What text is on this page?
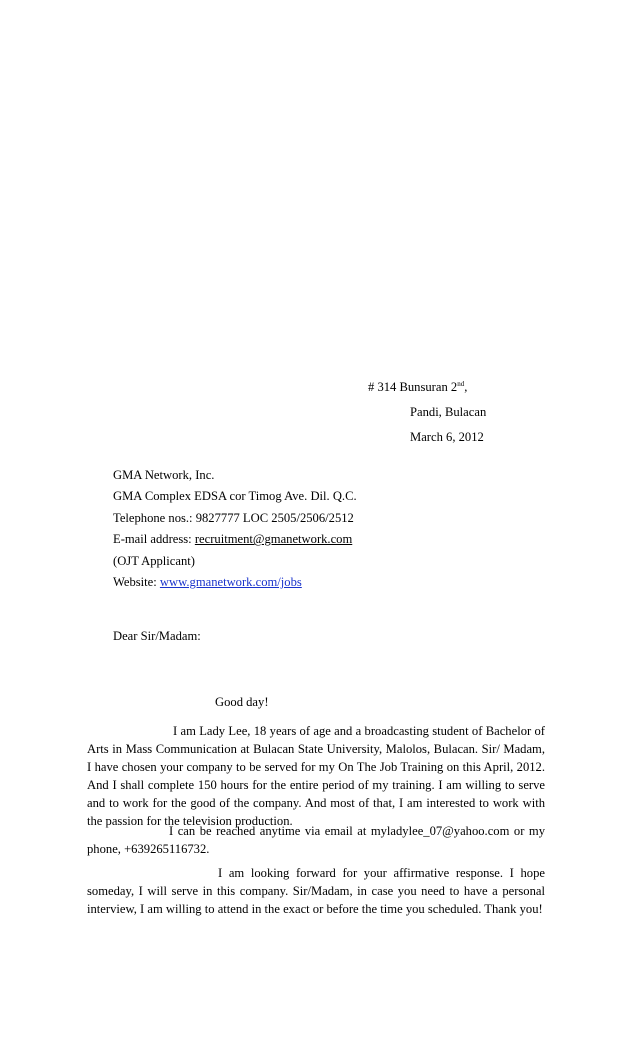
# 314 Bunsuran 2nd,
Pandi, Bulacan
March 6, 2012
GMA Network, Inc.
GMA Complex EDSA cor Timog Ave. Dil. Q.C.
Telephone nos.: 9827777 LOC 2505/2506/2512
E-mail address: recruitment@gmanetwork.com
(OJT Applicant)
Website: www.gmanetwork.com/jobs
Dear Sir/Madam:
Good day!

I am Lady Lee, 18 years of age and a broadcasting student of Bachelor of Arts in Mass Communication at Bulacan State University, Malolos, Bulacan. Sir/ Madam, I have chosen your company to be served for my On The Job Training on this April, 2012. And I shall complete 150 hours for the entire period of my training. I am willing to serve and to work for the good of the company. And most of that, I am interested to work with the passion for the television production.

I can be reached anytime via email at myladylee_07@yahoo.com or my phone, +639265116732.

I am looking forward for your affirmative response. I hope someday, I will serve in this company. Sir/Madam, in case you need to have a personal interview, I am willing to attend in the exact or before the time you scheduled. Thank you!
